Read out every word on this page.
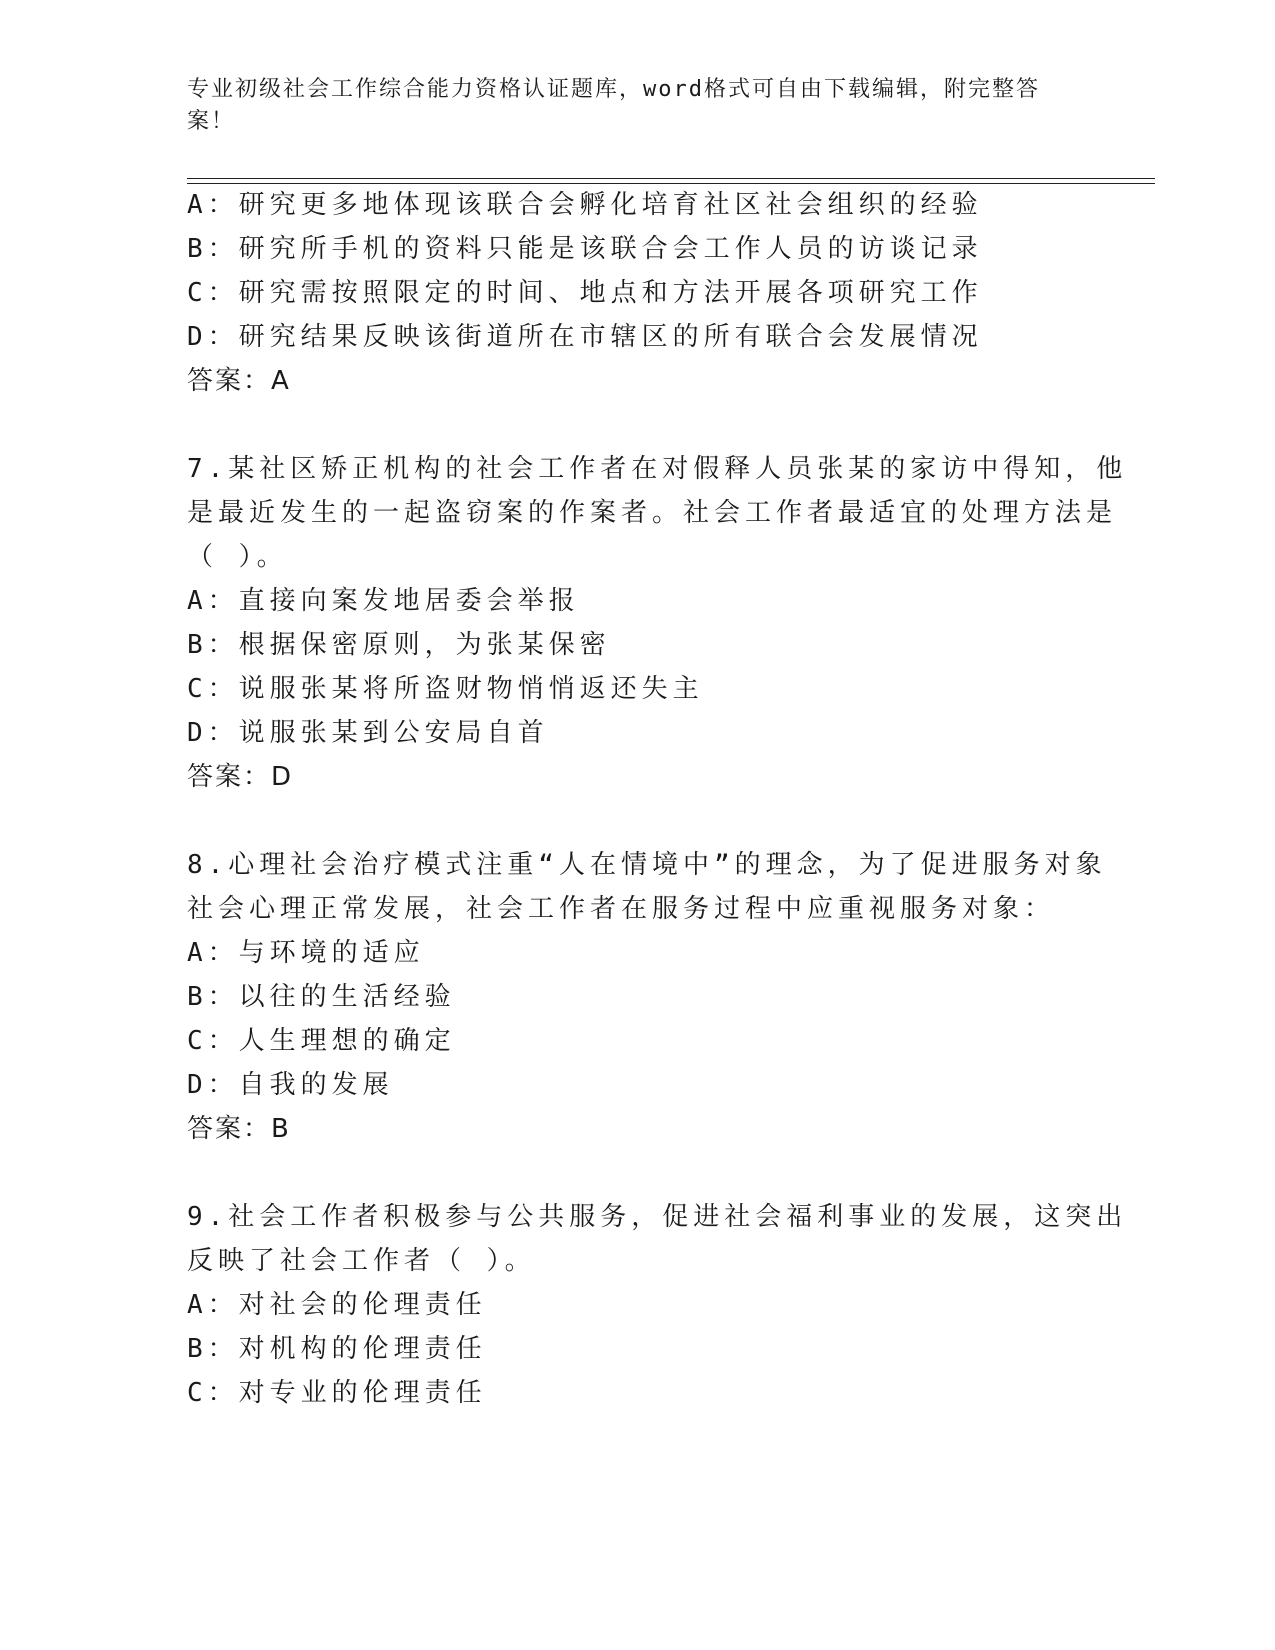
专业初级社会工作综合能力资格认证题库，word格式可自由下载编辑，附完整答案！
A：研究更多地体现该联合会孵化培育社区社会组织的经验
B：研究所手机的资料只能是该联合会工作人员的访谈记录
C：研究需按照限定的时间、地点和方法开展各项研究工作
D：研究结果反映该街道所在市辖区的所有联合会发展情况
答案：A
7.某社区矫正机构的社会工作者在对假释人员张某的家访中得知，他
是最近发生的一起盗窃案的作案者。社会工作者最适宜的处理方法是
（ ）。
A：直接向案发地居委会举报
B：根据保密原则，为张某保密
C：说服张某将所盗财物悄悄返还失主
D：说服张某到公安局自首
答案：D
8.心理社会治疗模式注重“人在情境中”的理念，为了促进服务对象
社会心理正常发展，社会工作者在服务过程中应重视服务对象：
A：与环境的适应
B：以往的生活经验
C：人生理想的确定
D：自我的发展
答案：B
9.社会工作者积极参与公共服务，促进社会福利事业的发展，这突出
反映了社会工作者（ ）。
A：对社会的伦理责任
B：对机构的伦理责任
C：对专业的伦理责任
